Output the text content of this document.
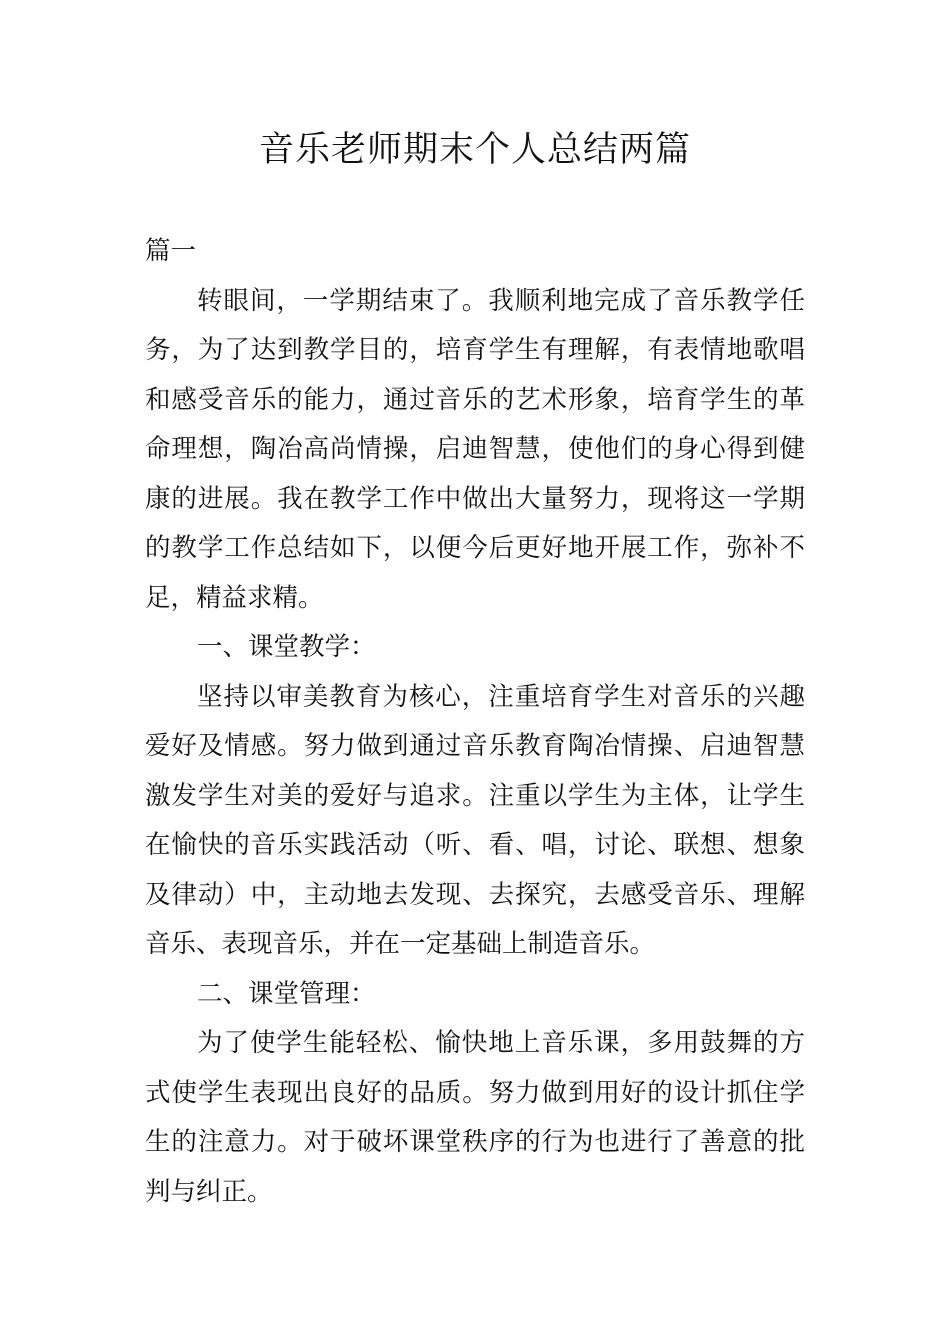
音乐老师期末个人总结两篇

篇一

转眼间，一学期结束了。我顺利地完成了音乐教学任务，为了达到教学目的，培育学生有理解，有表情地歌唱和感受音乐的能力，通过音乐的艺术形象，培育学生的革命理想，陶冶高尚情操，启迪智慧，使他们的身心得到健康的进展。我在教学工作中做出大量努力，现将这一学期的教学工作总结如下，以便今后更好地开展工作，弥补不足，精益求精。

一、课堂教学：

坚持以审美教育为核心，注重培育学生对音乐的兴趣爱好及情感。努力做到通过音乐教育陶冶情操、启迪智慧激发学生对美的爱好与追求。注重以学生为主体，让学生在愉快的音乐实践活动（听、看、唱，讨论、联想、想象及律动）中，主动地去发现、去探究，去感受音乐、理解音乐、表现音乐，并在一定基础上制造音乐。

二、课堂管理：

为了使学生能轻松、愉快地上音乐课，多用鼓舞的方式使学生表现出良好的品质。努力做到用好的设计抓住学生的注意力。对于破坏课堂秩序的行为也进行了善意的批判与纠正。
